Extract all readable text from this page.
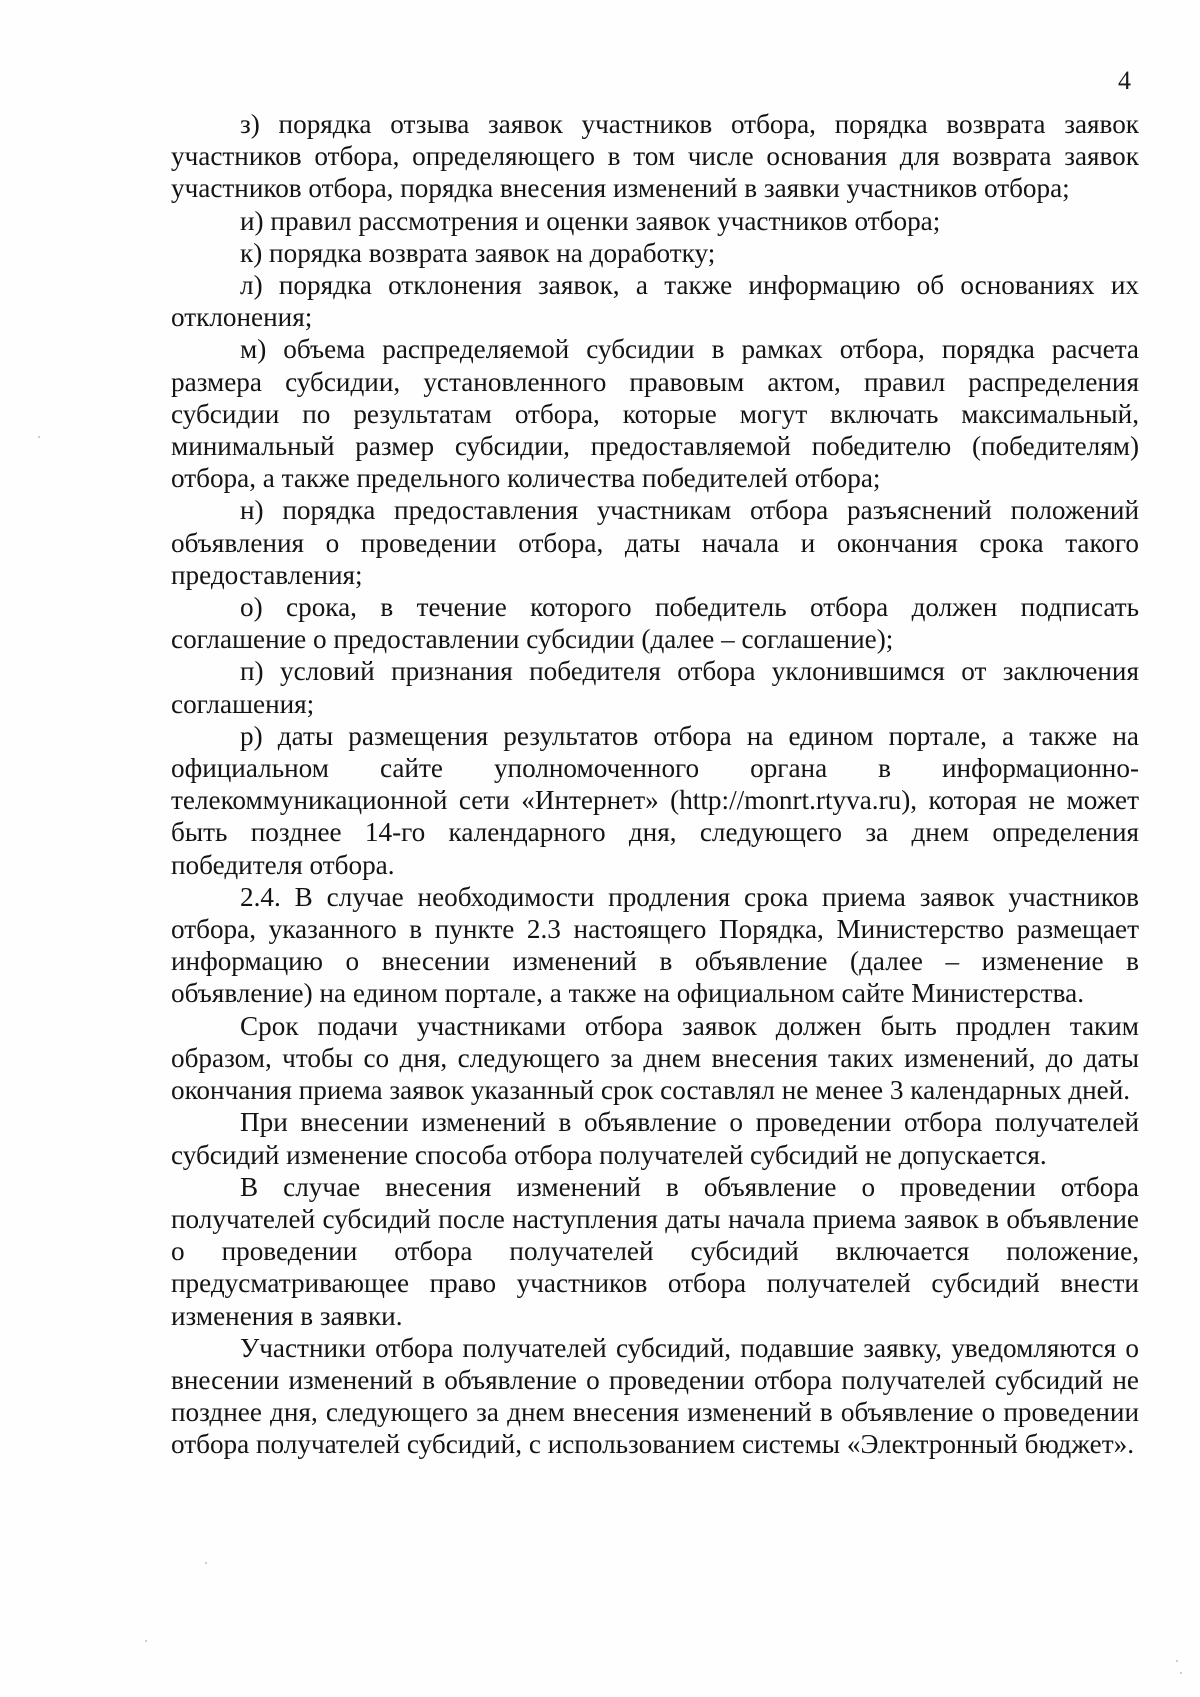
4

з) порядка отзыва заявок участников отбора, порядка возврата заявок участников отбора, определяющего в том числе основания для возврата заявок участников отбора, порядка внесения изменений в заявки участников отбора;

и) правил рассмотрения и оценки заявок участников отбора;

к) порядка возврата заявок на доработку;

л) порядка отклонения заявок, а также информацию об основаниях их отклонения;

м) объема распределяемой субсидии в рамках отбора, порядка расчета размера субсидии, установленного правовым актом, правил распределения субсидии по результатам отбора, которые могут включать максимальный, минимальный размер субсидии, предоставляемой победителю (победителям) отбора, а также предельного количества победителей отбора;

н) порядка предоставления участникам отбора разъяснений положений объявления о проведении отбора, даты начала и окончания срока такого предоставления;

о) срока, в течение которого победитель отбора должен подписать соглашение о предоставлении субсидии (далее – соглашение);

п) условий признания победителя отбора уклонившимся от заключения соглашения;

р) даты размещения результатов отбора на едином портале, а также на официальном сайте уполномоченного органа в информационно-телекоммуникационной сети «Интернет» (http://monrt.rtyva.ru), которая не может быть позднее 14-го календарного дня, следующего за днем определения победителя отбора.

2.4. В случае необходимости продления срока приема заявок участников отбора, указанного в пункте 2.3 настоящего Порядка, Министерство размещает информацию о внесении изменений в объявление (далее – изменение в объявление) на едином портале, а также на официальном сайте Министерства.

Срок подачи участниками отбора заявок должен быть продлен таким образом, чтобы со дня, следующего за днем внесения таких изменений, до даты окончания приема заявок указанный срок составлял не менее 3 календарных дней.

При внесении изменений в объявление о проведении отбора получателей субсидий изменение способа отбора получателей субсидий не допускается.

В случае внесения изменений в объявление о проведении отбора получателей субсидий после наступления даты начала приема заявок в объявление о проведении отбора получателей субсидий включается положение, предусматривающее право участников отбора получателей субсидий внести изменения в заявки.

Участники отбора получателей субсидий, подавшие заявку, уведомляются о внесении изменений в объявление о проведении отбора получателей субсидий не позднее дня, следующего за днем внесения изменений в объявление о проведении отбора получателей субсидий, с использованием системы «Электронный бюджет».
